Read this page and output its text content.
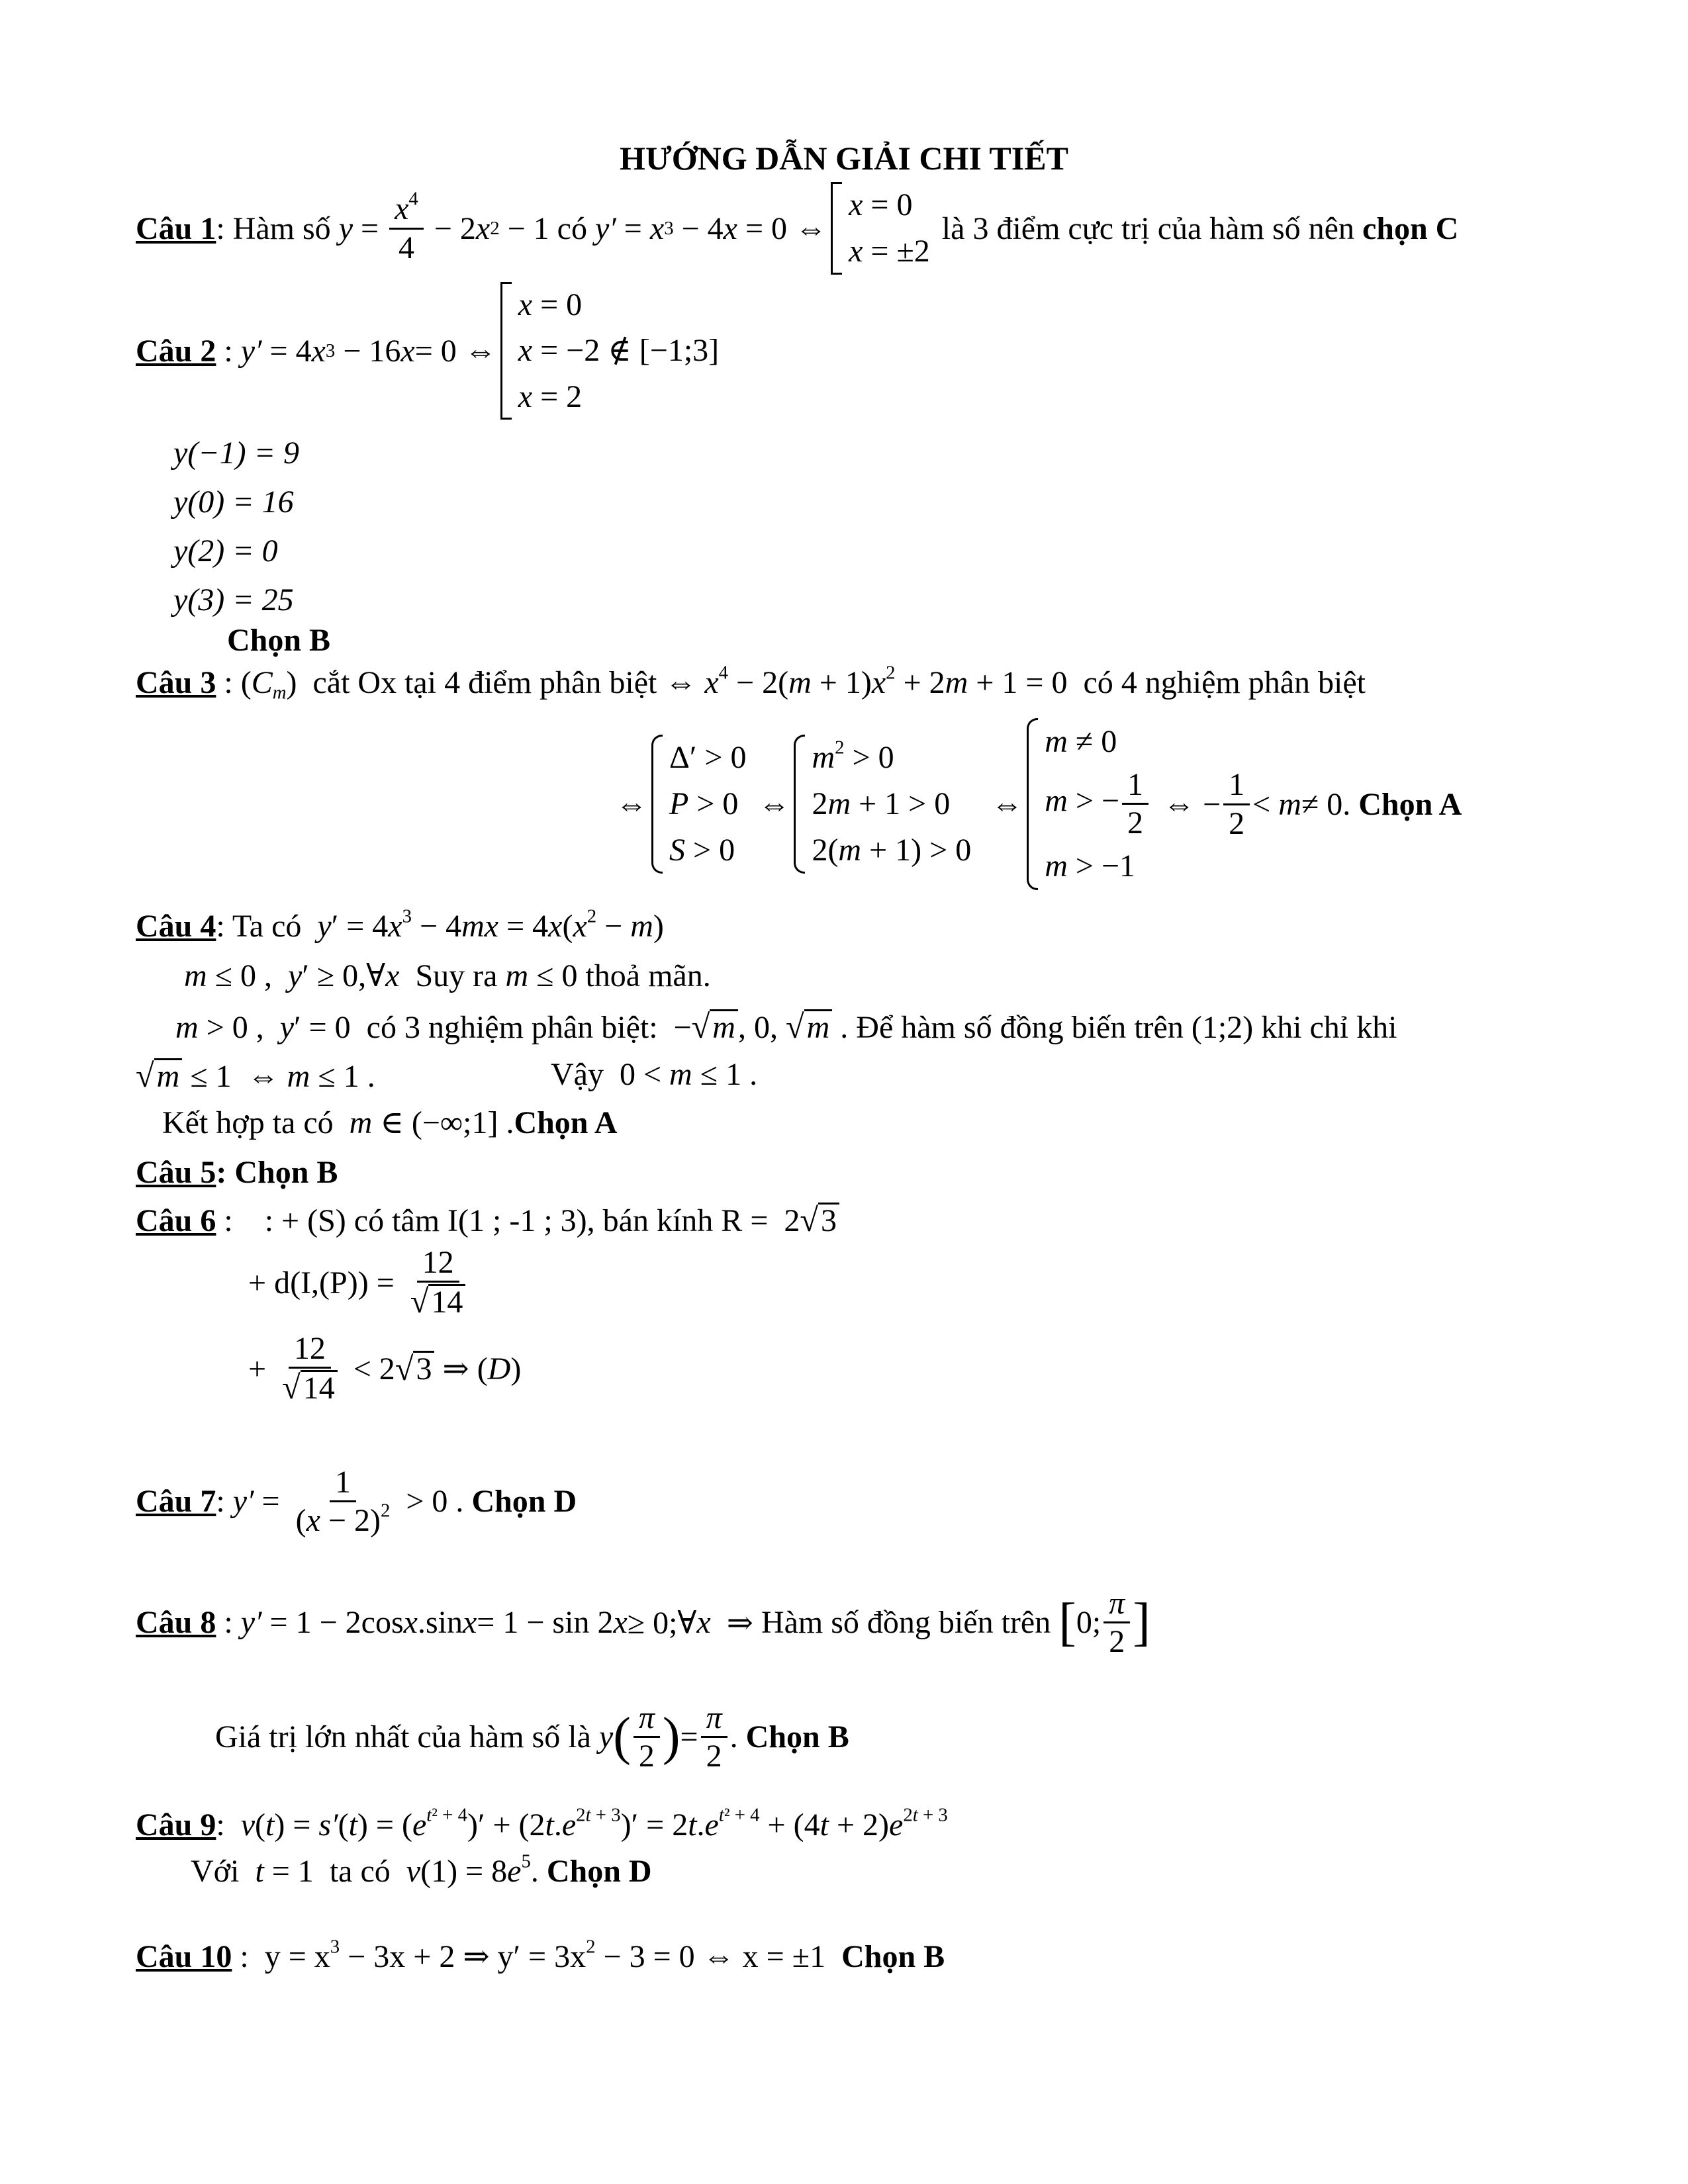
HƯỚNG DẪN GIẢI CHI TIẾT
Câu 1 : Hàm số
$y = \frac{x^4}{4} - 2$ x 2 − 1 có
y′ = x 3 − 4 x = 0 ⇔
x = 0
x = ±2

là 3 điểm cực trị của hàm số nên
chọn C
Câu 2 : y′ = 4 x 3 − 16 x = 0 ⇔
x = 0
x = −2 ∉ [−1;3]
x = 2
y(−1) = 9
y(0) = 16
y(2) = 0
y(3) = 25
Chọn B
Câu 3 : $(C_m)$  cắt Ox tại 4 điểm phân biệt ⇔ $x^4 - 2(m + 1)x^2 + 2m + 1 = 0$  có 4 nghiệm phân biệt
⇔
Δ′ > 0
P > 0
S > 0
⇔
$m^2 > 0$
2m + 1 > 0
2(m + 1) > 0
⇔
m ≠ 0
m > − $\frac{1}{2}$
m > −1
⇔ − $\frac{1}{2} < m \ne 0$. Chọn A
Câu 4: Ta có $y' = 4x^3 - 4mx = 4x(x^2 - m)$
m ≤ 0 ,  y′ ≥ 0,∀x Suy ra m ≤ 0 thoả mãn.
m > 0 ,  y′ = 0  có 3 nghiệm phân biệt:  −√m, 0, √m . Để hàm số đồng biến trên (1;2) khi chỉ khi
√m ≤ 1  ⇔ m ≤ 1 .	Vậy  0 < m ≤ 1 .
Kết hợp ta có m ∈ (−∞;1] .Chọn A
Câu 5: Chọn B
Câu 6 :    : + (S) có tâm I(1 ; -1 ; 3), bán kính R =  2√3
+ d(I,(P)) =
$\frac{12}{√14}$
+ $\frac{12}{√14} < 2$ √ 3 ⇒ ( D )
Câu 7 : $y' = \frac{1}{(x - 2)^2} > 0$ . Chọn D
Câu 8 : y′ = 1 − 2cos x .sin x = 1 − sin 2 x ≥ 0;∀ x ⇒ Hàm số đồng biến trên
[ 0; $\frac{\pi}{2}$ ]
Giá trị lớn nhất của hàm số là
y ( $\frac{\pi}{2}$ ) = $\frac{\pi}{2}$ . Chọn B
Câu 9:  $v(t) = s'(t) = (e^{t^2 + 4})' + (2t.e^{2t + 3})' = 2t.e^{t^2 + 4} + (4t + 2)e^{2t + 3}$
Với t = 1  ta có $v(1) = 8e^5$. Chọn D
Câu 10 :  $y = x^3 - 3x + 2$ ⇒ $y' = 3x^2 - 3 = 0$ ⇔ x = ±1  Chọn B
